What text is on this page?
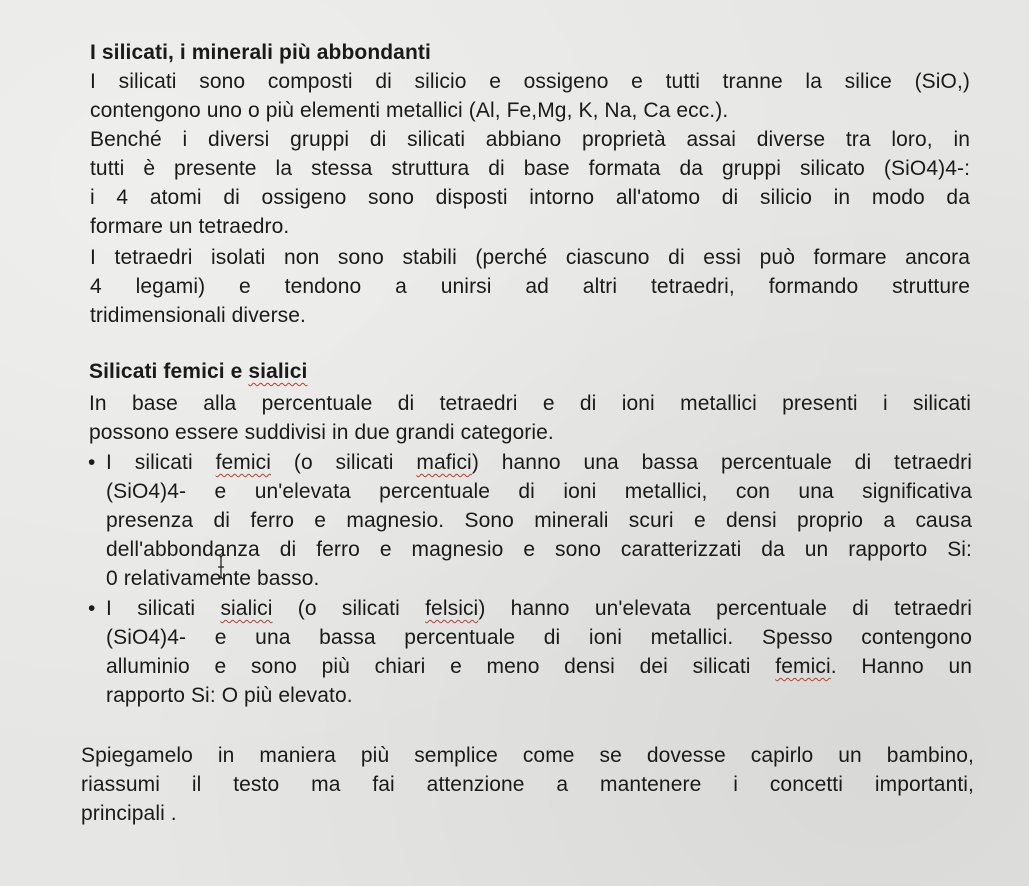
I silicati, i minerali più abbondanti
I silicati sono composti di silicio e ossigeno e tutti tranne la silice (SiO,)
contengono uno o più elementi metallici (Al, Fe,Mg, K, Na, Ca ecc.).
Benché i diversi gruppi di silicati abbiano proprietà assai diverse tra loro, in
tutti è presente la stessa struttura di base formata da gruppi silicato (SiO4)4-:
i 4 atomi di ossigeno sono disposti intorno all'atomo di silicio in modo da
formare un tetraedro.
I tetraedri isolati non sono stabili (perché ciascuno di essi può formare ancora
4 legami) e tendono a unirsi ad altri tetraedri, formando strutture
tridimensionali diverse.
Silicati femici e sialici
In base alla percentuale di tetraedri e di ioni metallici presenti i silicati
possono essere suddivisi in due grandi categorie.
• I silicati femici (o silicati mafici) hanno una bassa percentuale di tetraedri
(SiO4)4- e un'elevata percentuale di ioni metallici, con una significativa
presenza di ferro e magnesio. Sono minerali scuri e densi proprio a causa
dell'abbondanza di ferro e magnesio e sono caratterizzati da un rapporto Si:
0 relativamente basso.
• I silicati sialici (o silicati felsici) hanno un'elevata percentuale di tetraedri
(SiO4)4- e una bassa percentuale di ioni metallici. Spesso contengono
alluminio e sono più chiari e meno densi dei silicati femici. Hanno un
rapporto Si: O più elevato.
Spiegamelo in maniera più semplice come se dovesse capirlo un bambino,
riassumi il testo ma fai attenzione a mantenere i concetti importanti,
principali .
